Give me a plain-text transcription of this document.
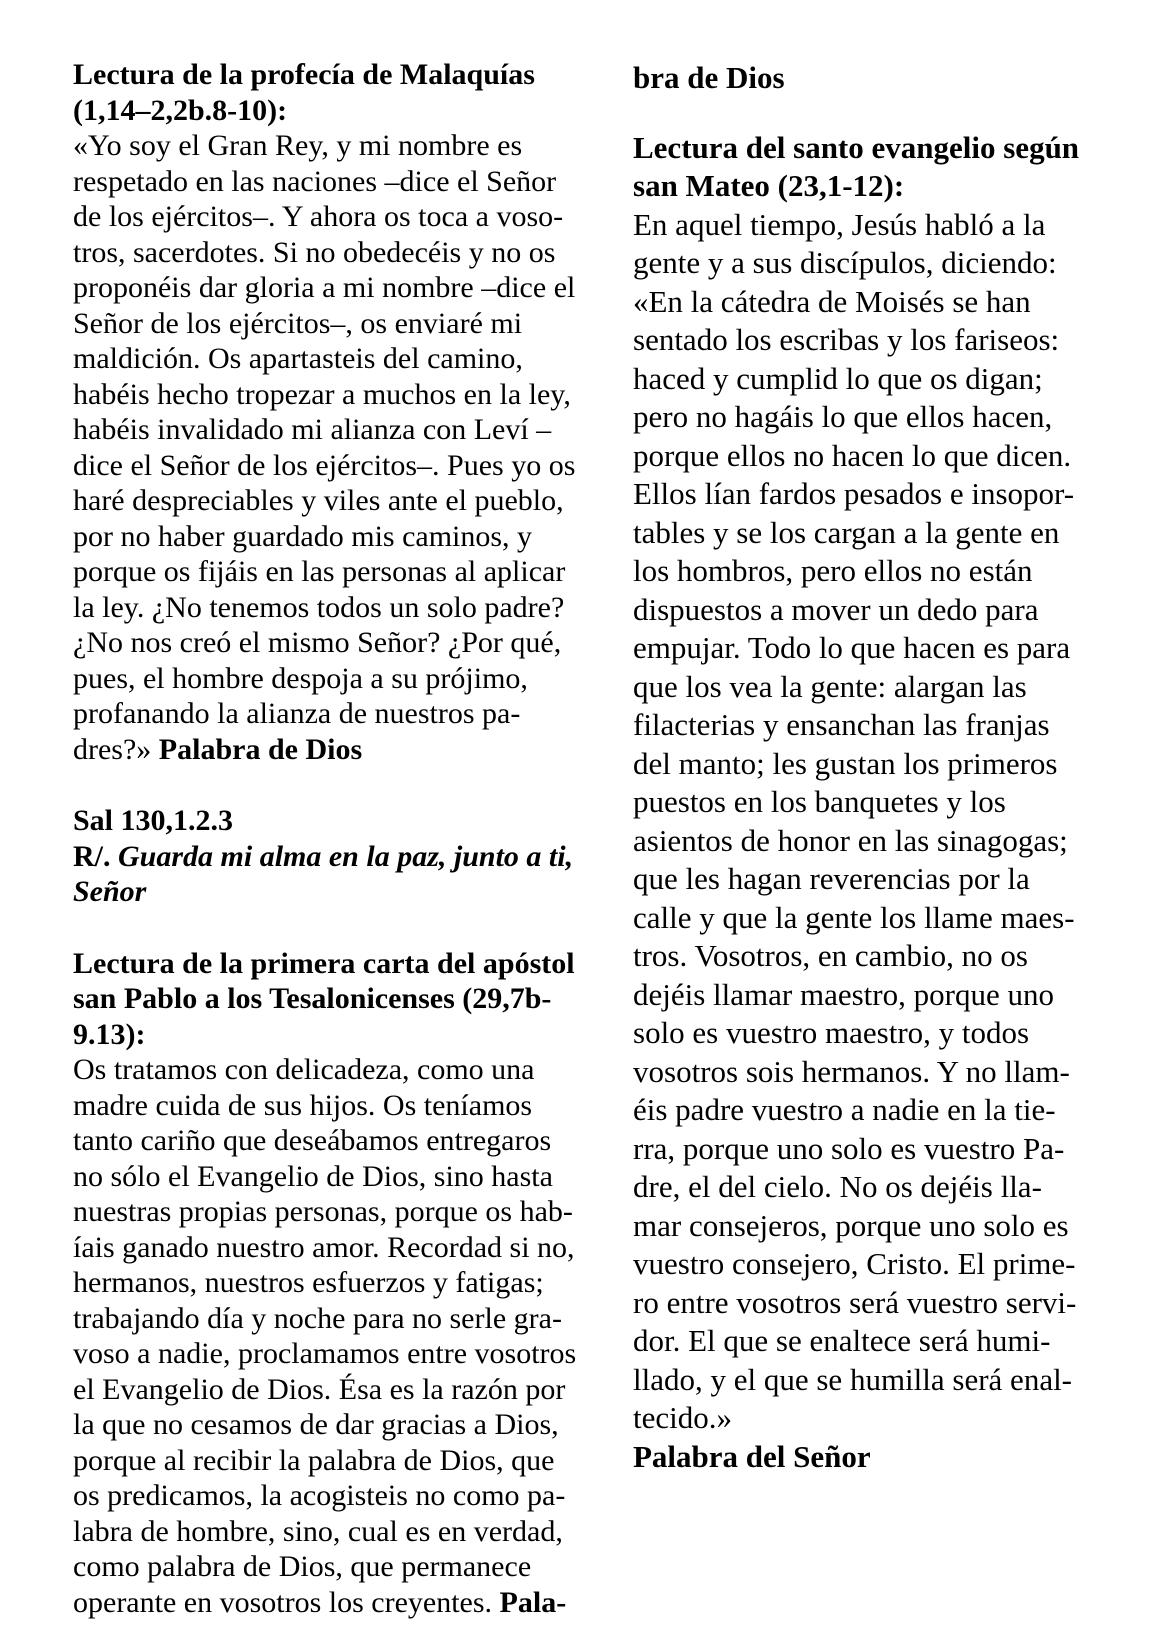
Lectura de la profecía de Malaquías
(1,14–2,2b.8-10):
«Yo soy el Gran Rey, y mi nombre es
respetado en las naciones –dice el Señor
de los ejércitos–. Y ahora os toca a voso-
tros, sacerdotes. Si no obedecéis y no os
proponéis dar gloria a mi nombre –dice el
Señor de los ejércitos–, os enviaré mi
maldición. Os apartasteis del camino,
habéis hecho tropezar a muchos en la ley,
habéis invalidado mi alianza con Leví –
dice el Señor de los ejércitos–. Pues yo os
haré despreciables y viles ante el pueblo,
por no haber guardado mis caminos, y
porque os fijáis en las personas al aplicar
la ley. ¿No tenemos todos un solo padre?
¿No nos creó el mismo Señor? ¿Por qué,
pues, el hombre despoja a su prójimo,
profanando la alianza de nuestros pa-
dres?» Palabra de Dios
Sal 130,1.2.3
R/. Guarda mi alma en la paz, junto a ti,
Señor
Lectura de la primera carta del apóstol
san Pablo a los Tesalonicenses (29,7b-
9.13):
Os tratamos con delicadeza, como una
madre cuida de sus hijos. Os teníamos
tanto cariño que deseábamos entregaros
no sólo el Evangelio de Dios, sino hasta
nuestras propias personas, porque os hab-
íais ganado nuestro amor. Recordad si no,
hermanos, nuestros esfuerzos y fatigas;
trabajando día y noche para no serle gra-
voso a nadie, proclamamos entre vosotros
el Evangelio de Dios. Ésa es la razón por
la que no cesamos de dar gracias a Dios,
porque al recibir la palabra de Dios, que
os predicamos, la acogisteis no como pa-
labra de hombre, sino, cual es en verdad,
como palabra de Dios, que permanece
operante en vosotros los creyentes. Pala-
bra de Dios
Lectura del santo evangelio según
san Mateo (23,1-12):
En aquel tiempo, Jesús habló a la
gente y a sus discípulos, diciendo:
«En la cátedra de Moisés se han
sentado los escribas y los fariseos:
haced y cumplid lo que os digan;
pero no hagáis lo que ellos hacen,
porque ellos no hacen lo que dicen.
Ellos lían fardos pesados e insopor-
tables y se los cargan a la gente en
los hombros, pero ellos no están
dispuestos a mover un dedo para
empujar. Todo lo que hacen es para
que los vea la gente: alargan las
filacterias y ensanchan las franjas
del manto; les gustan los primeros
puestos en los banquetes y los
asientos de honor en las sinagogas;
que les hagan reverencias por la
calle y que la gente los llame maes-
tros. Vosotros, en cambio, no os
dejéis llamar maestro, porque uno
solo es vuestro maestro, y todos
vosotros sois hermanos. Y no llam-
éis padre vuestro a nadie en la tie-
rra, porque uno solo es vuestro Pa-
dre, el del cielo. No os dejéis lla-
mar consejeros, porque uno solo es
vuestro consejero, Cristo. El prime-
ro entre vosotros será vuestro servi-
dor. El que se enaltece será humi-
llado, y el que se humilla será enal-
tecido.»
Palabra del Señor
